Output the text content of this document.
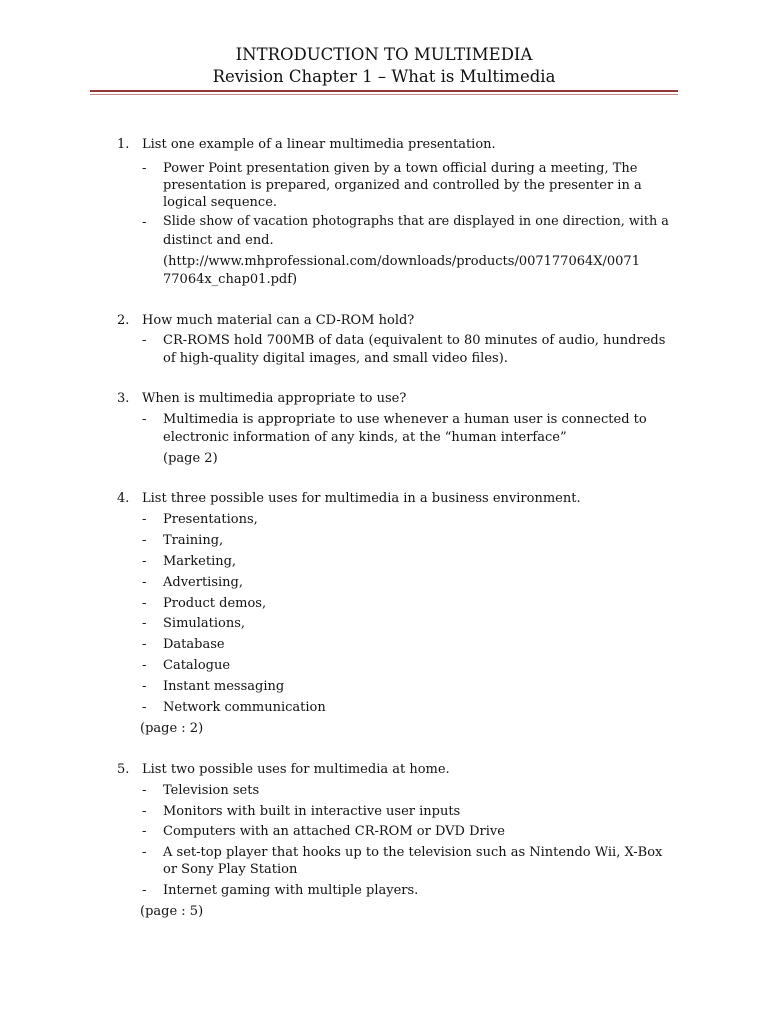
INTRODUCTION TO MULTIMEDIA
Revision Chapter 1 – What is Multimedia
1. List one example of a linear multimedia presentation.
- Power Point presentation given by a town official during a meeting, The
presentation is prepared, organized and controlled by the presenter in a
logical sequence.
- Slide show of vacation photographs that are displayed in one direction, with a
distinct and end.
(http://www.mhprofessional.com/downloads/products/007177064X/0071
77064x_chap01.pdf)
2. How much material can a CD-ROM hold?
- CR-ROMS hold 700MB of data (equivalent to 80 minutes of audio, hundreds
of high-quality digital images, and small video files).
3. When is multimedia appropriate to use?
- Multimedia is appropriate to use whenever a human user is connected to
electronic information of any kinds, at the “human interface”
(page 2)
4. List three possible uses for multimedia in a business environment.
- Presentations,
- Training,
- Marketing,
- Advertising,
- Product demos,
- Simulations,
- Database
- Catalogue
- Instant messaging
- Network communication
(page : 2)
5. List two possible uses for multimedia at home.
- Television sets
- Monitors with built in interactive user inputs
- Computers with an attached CR-ROM or DVD Drive
- A set-top player that hooks up to the television such as Nintendo Wii, X-Box
or Sony Play Station
- Internet gaming with multiple players.
(page : 5)
